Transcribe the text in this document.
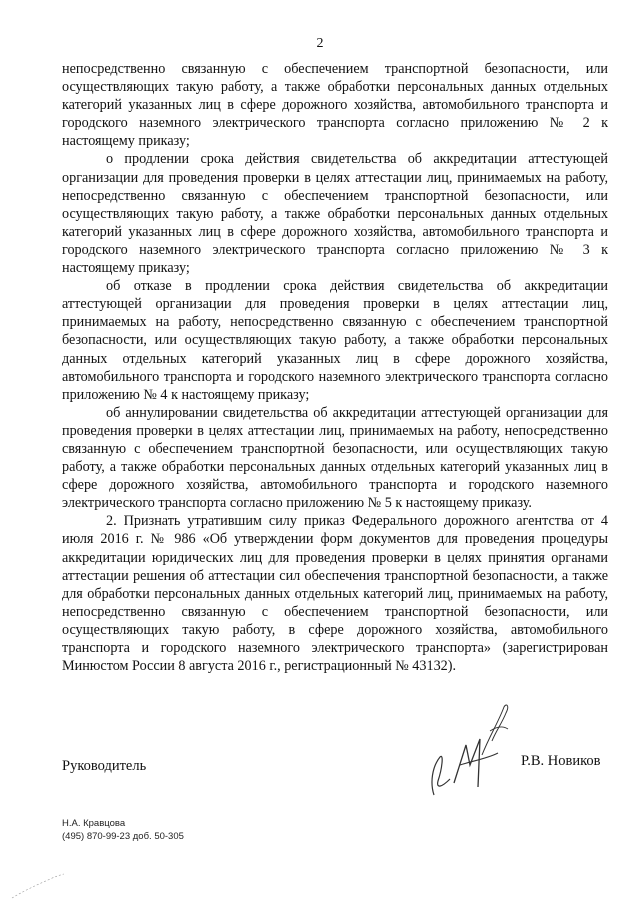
2

непосредственно связанную с обеспечением транспортной безопасности, или осуществляющих такую работу, а также обработки персональных данных отдельных категорий указанных лиц в сфере дорожного хозяйства, автомобильного транспорта и городского наземного электрического транспорта согласно приложению № 2 к настоящему приказу;

о продлении срока действия свидетельства об аккредитации аттестующей организации для проведения проверки в целях аттестации лиц, принимаемых на работу, непосредственно связанную с обеспечением транспортной безопасности, или осуществляющих такую работу, а также обработки персональных данных отдельных категорий указанных лиц в сфере дорожного хозяйства, автомобильного транспорта и городского наземного электрического транспорта согласно приложению № 3 к настоящему приказу;

об отказе в продлении срока действия свидетельства об аккредитации аттестующей организации для проведения проверки в целях аттестации лиц, принимаемых на работу, непосредственно связанную с обеспечением транспортной безопасности, или осуществляющих такую работу, а также обработки персональных данных отдельных категорий указанных лиц в сфере дорожного хозяйства, автомобильного транспорта и городского наземного электрического транспорта согласно приложению № 4 к настоящему приказу;

об аннулировании свидетельства об аккредитации аттестующей организации для проведения проверки в целях аттестации лиц, принимаемых на работу, непосредственно связанную с обеспечением транспортной безопасности, или осуществляющих такую работу, а также обработки персональных данных отдельных категорий указанных лиц в сфере дорожного хозяйства, автомобильного транспорта и городского наземного электрического транспорта согласно приложению № 5 к настоящему приказу.

2. Признать утратившим силу приказ Федерального дорожного агентства от 4 июля 2016 г. № 986 «Об утверждении форм документов для проведения процедуры аккредитации юридических лиц для проведения проверки в целях принятия органами аттестации решения об аттестации сил обеспечения транспортной безопасности, а также для обработки персональных данных отдельных категорий лиц, принимаемых на работу, непосредственно связанную с обеспечением транспортной безопасности, или осуществляющих такую работу, в сфере дорожного хозяйства, автомобильного транспорта и городского наземного электрического транспорта» (зарегистрирован Минюстом России 8 августа 2016 г., регистрационный № 43132).

Руководитель	Р.В. Новиков
Н.А. Кравцова
(495) 870-99-23 доб. 50-305
